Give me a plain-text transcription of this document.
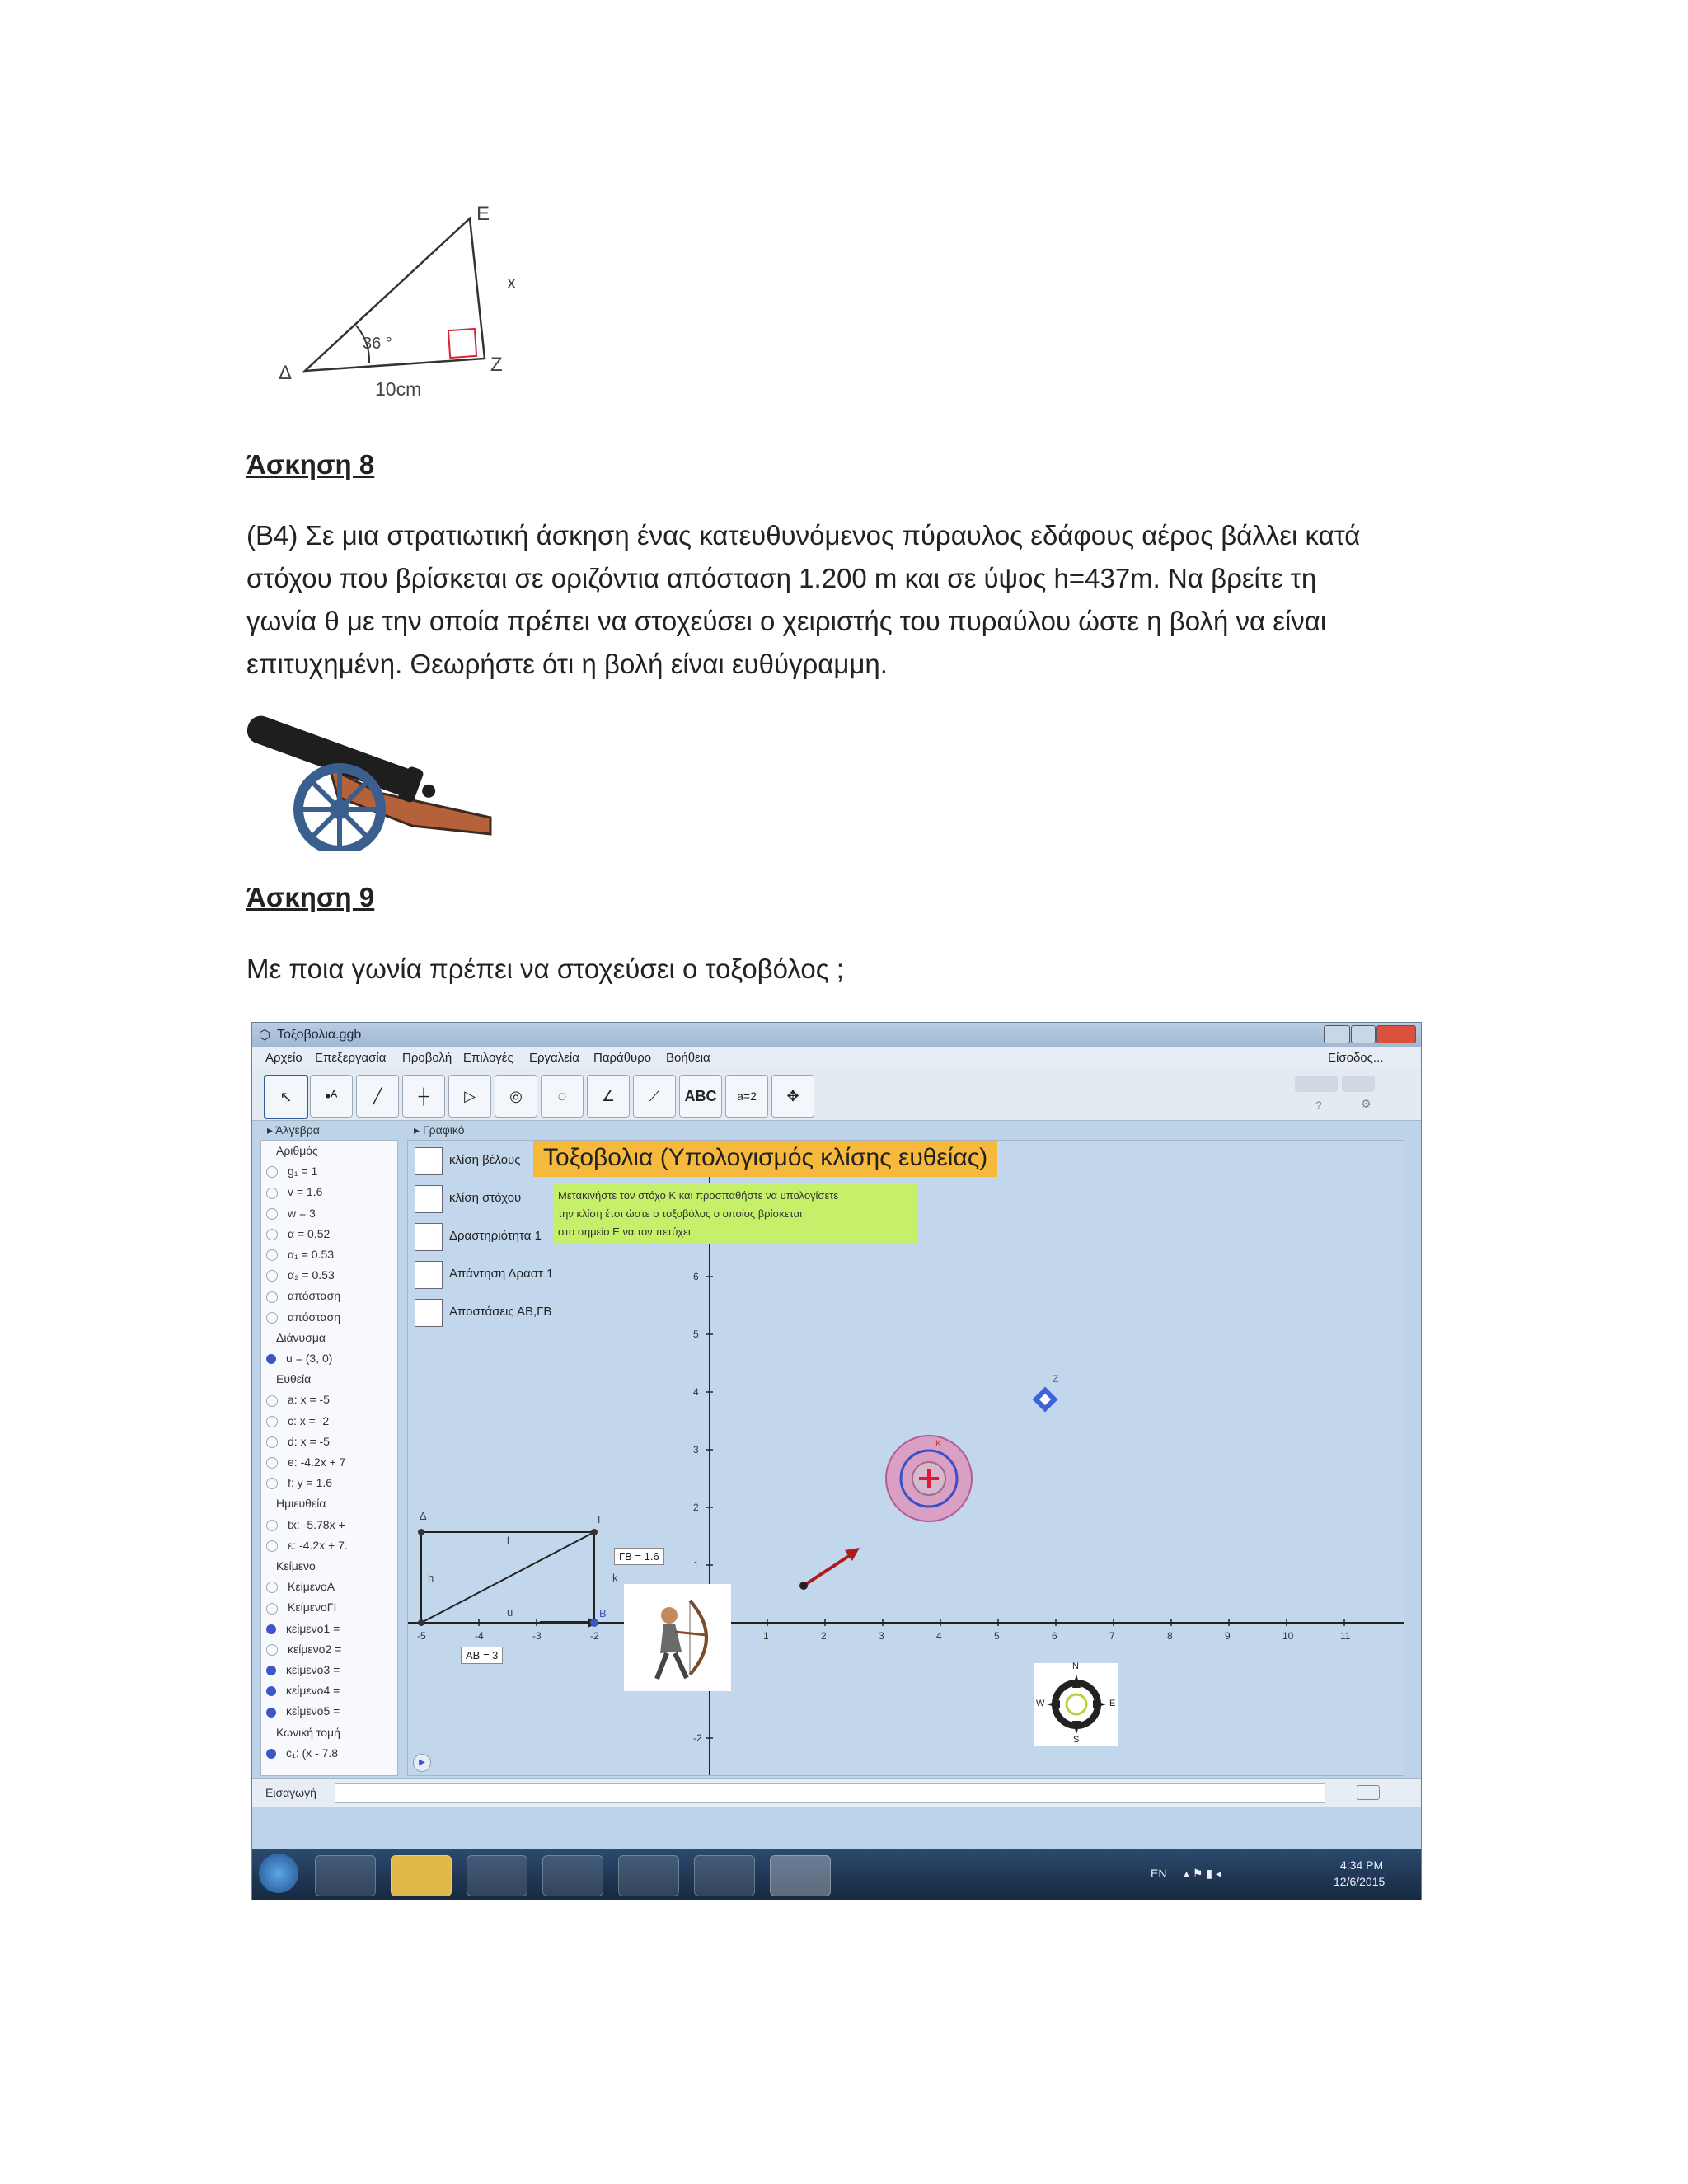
E
Δ	Z
x
36 °
10cm
Άσκηση 8
(Β4) Σε μια στρατιωτική άσκηση ένας κατευθυνόμενος πύραυλος εδάφους αέρος βάλλει κατά
στόχου που βρίσκεται σε οριζόντια απόσταση 1.200 m και σε ύψος h=437m. Να βρείτε τη
γωνία θ με την οποία πρέπει να στοχεύσει ο χειριστής του πυραύλου ώστε η βολή να είναι
επιτυχημένη. Θεωρήστε ότι η βολή είναι ευθύγραμμη.
Άσκηση 9
Με ποια γωνία πρέπει να στοχεύσει ο τοξοβόλος ;
⬡ Τοξοβολια.ggb
Αρχείο Επεξεργασία Προβολή Επιλογές Εργαλεία Παράθυρο Βοήθεια	Είσοδος...
↖	•ᴬ	╱	┼	▷	◎	◌	∠	⟋	ABC	a=2	✥
?	⚙
▸ Άλγεβρα	▸ Γραφικό
Αριθμός
g₁ = 1
v = 1.6
w = 3
α = 0.52
α₁ = 0.53
α₂ = 0.53
απόσταση
απόσταση
Διάνυσμα
u = (3, 0)
Ευθεία
a: x = -5
c: x = -2
d: x = -5
e: -4.2x + 7
f: y = 1.6
Ημιευθεία
tx: -5.78x +
ε: -4.2x + 7.
Κείμενο
ΚείμενοΑ
ΚείμενοΓΙ
κείμενο1 =
κείμενο2 =
κείμενο3 =
κείμενο4 =
κείμενο5 =
Κωνική τομή
c₁: (x - 7.8
-5	-4	-3	-2	1	2	3	4	5	6	7	8	9	10	11
6
5
4
3
2
1
-2
κλίση βέλους
κλίση στόχου
Δραστηριότητα 1
Απάντηση Δραστ 1
Αποστάσεις ΑΒ,ΓΒ
Τοξοβολια (Υπολογισμός κλίσης ευθείας)
Μετακινήστε τον στόχο Κ και προσπαθήστε να υπολογίσετε
την κλίση έτσι ώστε ο τοξοβόλος ο οποίος βρίσκεται
στο σημείο Ε να τον πετύχει
Δ	Γ
B
h	k
l
u
K
Z
ΓΒ = 1.6
ΑΒ = 3
N
S
E
W
▶
Εισαγωγή
EN ▴ ⚑ ▮ ◂
4:34 PM
12/6/2015
